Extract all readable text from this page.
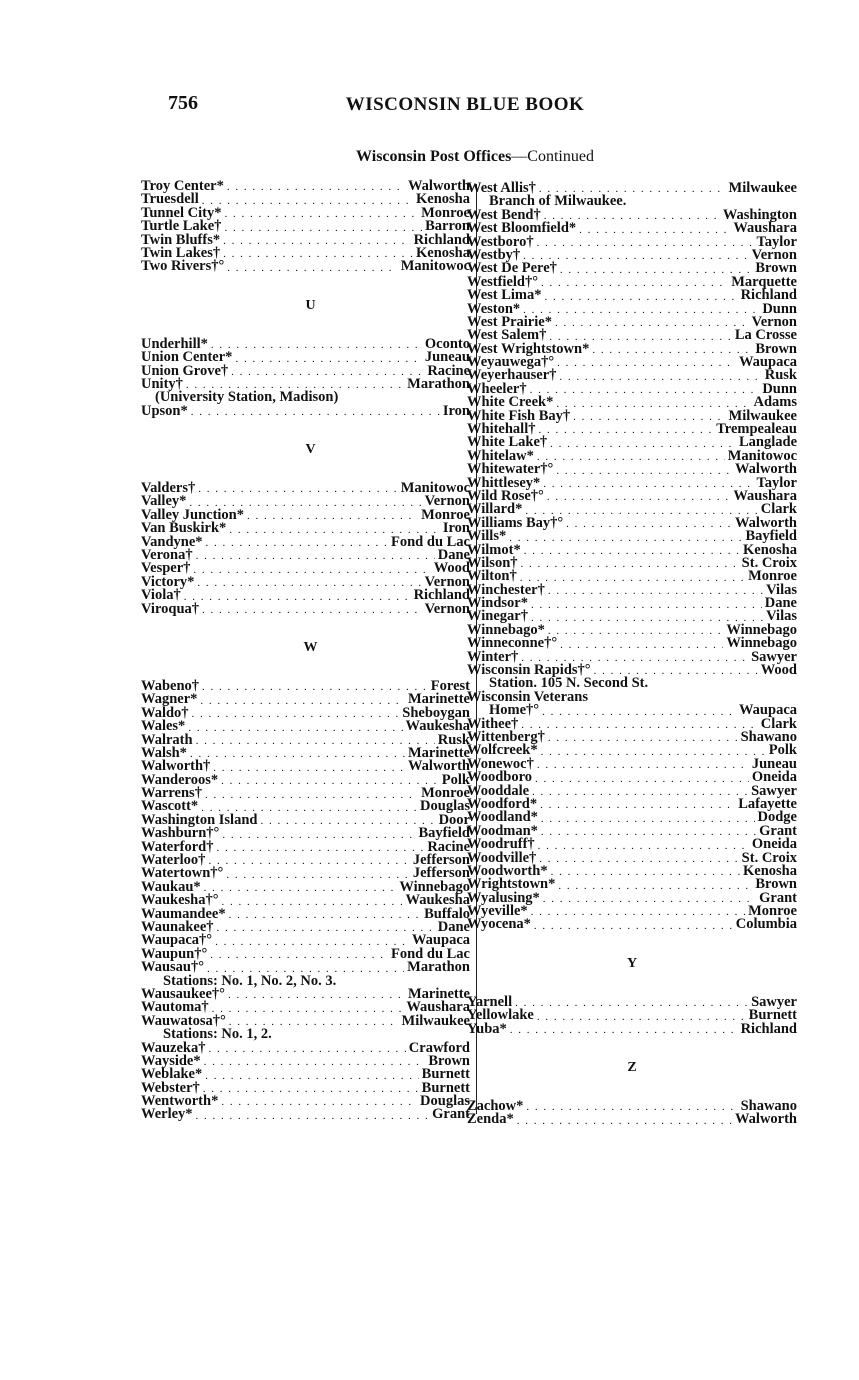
756	WISCONSIN BLUE BOOK
Wisconsin Post Offices—Continued
Troy Center* . . .	Walworth
Truesdell . . .	Kenosha
Tunnel City* . . .	Monroe
Turtle Lake† . . .	Barron
Twin Bluffs* . . .	Richland
Twin Lakes† . . .	Kenosha
Two Rivers†° . . .	Manitowoc
U
Underhill* . . .	Oconto
Union Center* . . .	Juneau
Union Grove† . . .	Racine
Unity† . . .	Marathon
(University Station, Madison)
Upson* . . .	Iron
V
Valders† . . .	Manitowoc
Valley* . . .	Vernon
Valley Junction* . . .	Monroe
Van Buskirk* . . .	Iron
Vandyne* . . .	Fond du Lac
Verona† . . .	Dane
Vesper† . . .	Wood
Victory* . . .	Vernon
Viola† . . .	Richland
Viroqua† . . .	Vernon
W
Wabeno† . . .	Forest
Wagner* . . .	Marinette
Waldo† . . .	Sheboygan
Wales* . . .	Waukesha
Walrath . . .	Rusk
Walsh* . . .	Marinette
Walworth† . . .	Walworth
Wanderoos* . . .	Polk
Warrens† . . .	Monroe
Wascott* . . .	Douglas
Washington Island . . .	Door
Washburn†° . . .	Bayfield
Waterford† . . .	Racine
Waterloo† . . .	Jefferson
Watertown†° . . .	Jefferson
Waukau* . . .	Winnebago
Waukesha†° . . .	Waukesha
Waumandee* . . .	Buffalo
Waunakee† . . .	Dane
Waupaca†° . . .	Waupaca
Waupun†° . . .	Fond du Lac
Wausau†° . . .	Marathon
Stations: No. 1, No. 2, No. 3.
Wausaukee†° . . .	Marinette
Wautoma† . . .	Waushara
Wauwatosa†° . . .	Milwaukee
Stations: No. 1, 2.
Wauzeka† . . .	Crawford
Wayside* . . .	Brown
Weblake* . . .	Burnett
Webster† . . .	Burnett
Wentworth* . . .	Douglas
Werley* . . .	Grant
West Allis† . . .	Milwaukee
Branch of Milwaukee.
West Bend† . . .	Washington
West Bloomfield* . . .	Waushara
Westboro† . . .	Taylor
Westby† . . .	Vernon
West De Pere† . . .	Brown
Westfield†° . . .	Marquette
West Lima* . . .	Richland
Weston* . . .	Dunn
West Prairie* . . .	Vernon
West Salem† . . .	La Crosse
West Wrightstown* . . .	Brown
Weyauwega†° . . .	Waupaca
Weyerhauser† . . .	Rusk
Wheeler† . . .	Dunn
White Creek* . . .	Adams
White Fish Bay† . . .	Milwaukee
Whitehall† . . .	Trempealeau
White Lake† . . .	Langlade
Whitelaw* . . .	Manitowoc
Whitewater†° . . .	Walworth
Whittlesey* . . .	Taylor
Wild Rose†° . . .	Waushara
Willard* . . .	Clark
Williams Bay†° . . .	Walworth
Wills* . . .	Bayfield
Wilmot* . . .	Kenosha
Wilson† . . .	St. Croix
Wilton† . . .	Monroe
Winchester† . . .	Vilas
Windsor* . . .	Dane
Winegar† . . .	Vilas
Winnebago* . . .	Winnebago
Winneconne†° . . .	Winnebago
Winter† . . .	Sawyer
Wisconsin Rapids†° . . .	Wood
Station. 105 N. Second St.
Wisconsin Veterans
Home†° . . .	Waupaca
Withee† . . .	Clark
Wittenberg† . . .	Shawano
Wolfcreek* . . .	Polk
Wonewoc† . . .	Juneau
Woodboro . . .	Oneida
Wooddale . . .	Sawyer
Woodford* . . .	Lafayette
Woodland* . . .	Dodge
Woodman* . . .	Grant
Woodruff† . . .	Oneida
Woodville† . . .	St. Croix
Woodworth* . . .	Kenosha
Wrightstown* . . .	Brown
Wyalusing* . . .	Grant
Wyeville* . . .	Monroe
Wyocena* . . .	Columbia
Y
Yarnell . . .	Sawyer
Yellowlake . . .	Burnett
Yuba* . . .	Richland
Z
Zachow* . . .	Shawano
Zenda* . . .	Walworth
